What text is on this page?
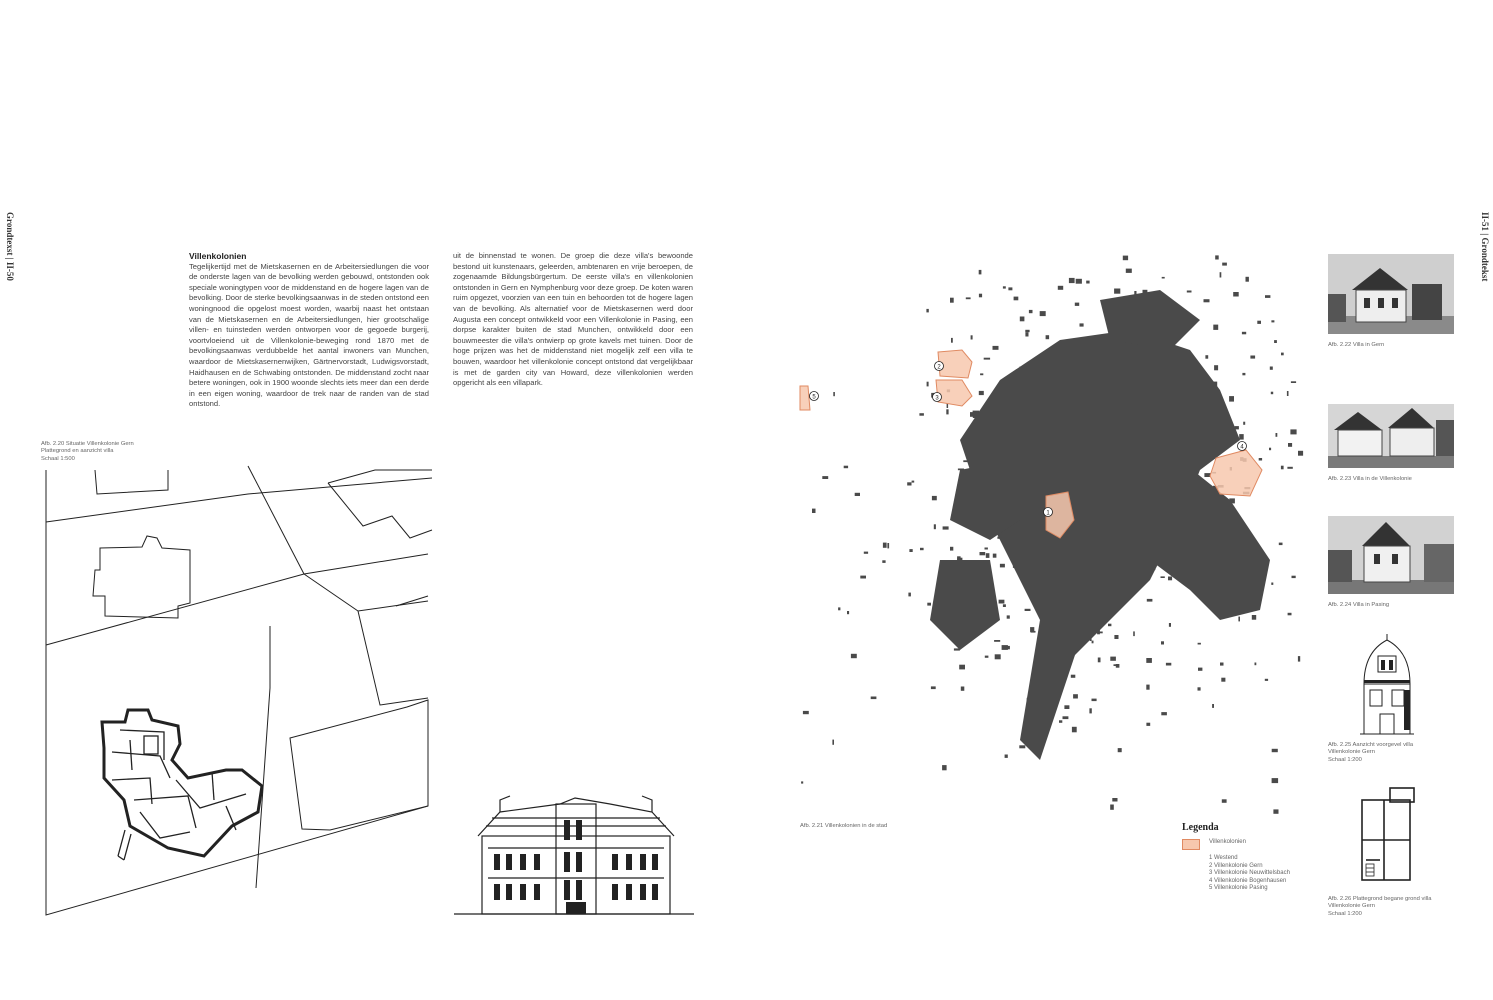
Grondtexst | II-50	Villenkolonien

Tegelijkertijd met de Mietskasernen en de Arbeitersiedlungen die voor de onderste lagen van de bevolking werden gebouwd, ontstonden ook speciale woningtypen voor de middenstand en de hogere lagen van de bevolking. Door de sterke bevolkingsaanwas in de steden ontstond een woningnood die opgelost moest worden, waarbij naast het ontstaan van de Mietskasernen en de Arbeitersiedlungen, hier grootschalige villen- en tuinsteden werden ontworpen voor de gegoede burgerij, voortvloeiend uit de Villenkolonie-beweging rond 1870 met de bevolkingsaanwas verdubbelde het aantal inwoners van Munchen, waardoor de Mietskasernenwijken, Gärtnervorstadt, Ludwigsvorstadt, Haidhausen en de Schwabing ontstonden. De middenstand zocht naar betere woningen, ook in 1900 woonde slechts iets meer dan een derde in een eigen woning, waardoor de trek naar de randen van de stad ontstond.

uit de binnenstad te wonen. De groep die deze villa's bewoonde bestond uit kunstenaars, geleerden, ambtenaren en vrije beroepen, de zogenaamde Bildungsbürgertum. De eerste villa's en villenkolonien ontstonden in Gern en Nymphenburg voor deze groep. De koten waren ruim opgezet, voorzien van een tuin en behoorden tot de hogere lagen van de bevolking. Als alternatief voor de Mietskasernen werd door Augusta een concept ontwikkeld voor een Villenkolonie in Pasing, een dorpse karakter buiten de stad Munchen, ontwikkeld door een bouwmeester die villa's ontwierp op grote kavels met tuinen. Door de hoge prijzen was het de middenstand niet mogelijk zelf een villa te bouwen, waardoor het villenkolonie concept ontstond dat vergelijkbaar is met de garden city van Howard, deze villenkolonien werden opgericht als een villapark.

Afb. 2.20 Situatie Villenkolonie Gern
Plattegrond en aanzicht villa
Schaal 1:500
II-51 | Grondtekst
1
2
3
4
5
Afb. 2.21 Villenkolonien in de stad	Legenda
Villenkolonien
1 Westend
2 Villenkolonie Gern
3 Villenkolonie Neuwittelsbach
4 Villenkolonie Bogenhausen
5 Villenkolonie Pasing
Afb. 2.22 Villa in Gern
Afb. 2.23 Villa in de Villenkolonie
Afb. 2.24 Villa in Pasing
Afb. 2.25 Aanzicht voorgevel villa
Villenkolonie Gern
Schaal 1:200
Afb. 2.26 Plattegrond begane grond villa
Villenkolonie Gern
Schaal 1:200
